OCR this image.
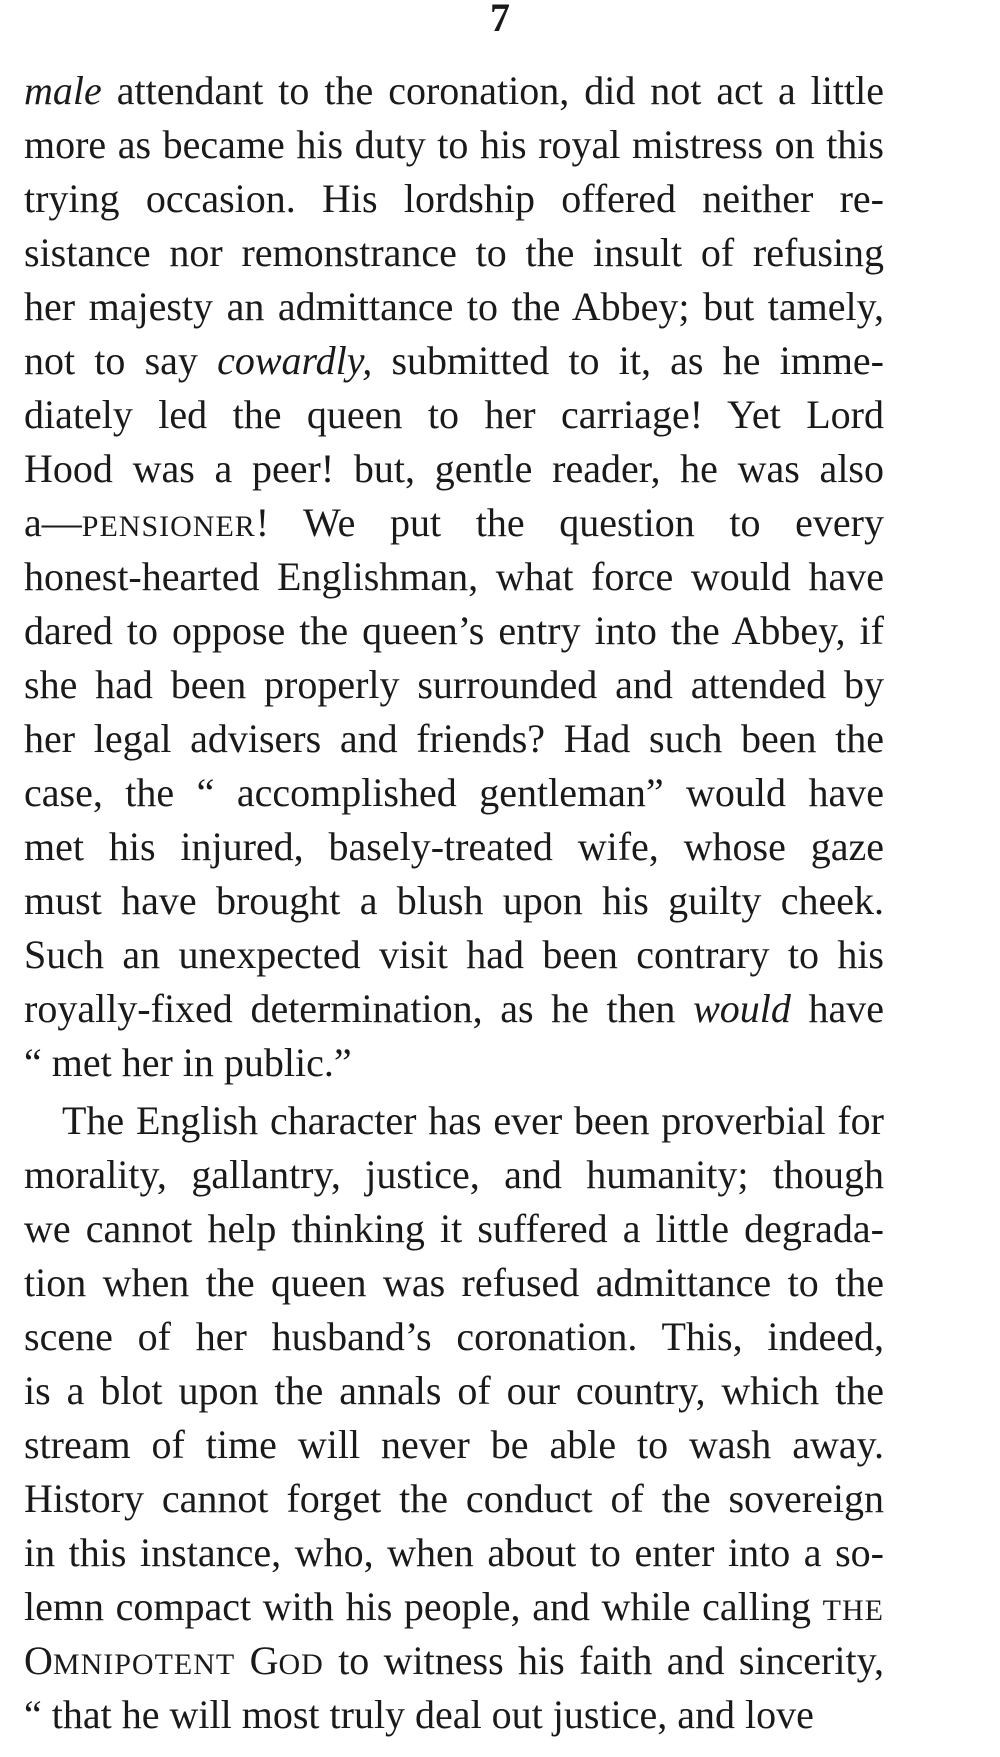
7
male attendant to the coronation, did not act a little
more as became his duty to his royal mistress on this
trying occasion. His lordship offered neither re-
sistance nor remonstrance to the insult of refusing
her majesty an admittance to the Abbey; but tamely,
not to say cowardly, submitted to it, as he imme-
diately led the queen to her carriage! Yet Lord
Hood was a peer! but, gentle reader, he was also
a—PENSIONER! We put the question to every
honest-hearted Englishman, what force would have
dared to oppose the queen’s entry into the Abbey, if
she had been properly surrounded and attended by
her legal advisers and friends? Had such been the
case, the “ accomplished gentleman” would have
met his injured, basely-treated wife, whose gaze
must have brought a blush upon his guilty cheek.
Such an unexpected visit had been contrary to his
royally-fixed determination, as he then would have
“ met her in public.”
The English character has ever been proverbial for
morality, gallantry, justice, and humanity; though
we cannot help thinking it suffered a little degrada-
tion when the queen was refused admittance to the
scene of her husband’s coronation. This, indeed,
is a blot upon the annals of our country, which the
stream of time will never be able to wash away.
History cannot forget the conduct of the sovereign
in this instance, who, when about to enter into a so-
lemn compact with his people, and while calling THE
OMNIPOTENT GOD to witness his faith and sincerity,
“ that he will most truly deal out justice, and love
